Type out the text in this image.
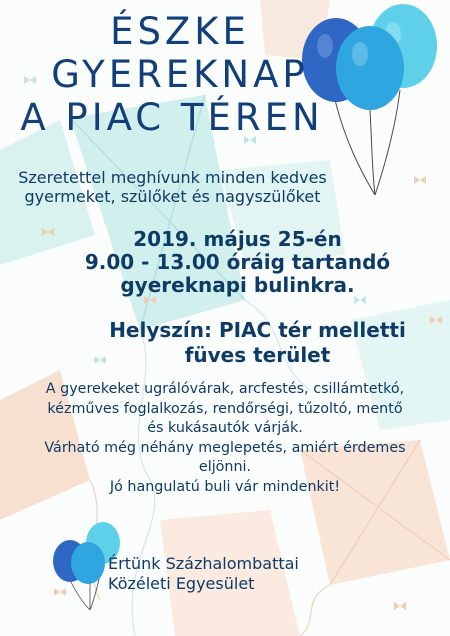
ÉSZKE
GYEREKNAP
A PIAC TÉREN
Szeretettel meghívunk minden kedves
gyermeket, szülőket és nagyszülőket
2019. május 25-én
9.00 - 13.00 óráig tartandó
gyereknapi bulinkra.
Helyszín: PIAC tér melletti
füves terület
A gyerekeket ugrálóvárak, arcfestés, csillámtetkó,
kézműves foglalkozás, rendőrségi, tűzoltó, mentő
és kukásautók várják.
Várható még néhány meglepetés, amiért érdemes
eljönni.
Jó hangulatú buli vár mindenkit!
Értünk Százhalombattai
Közéleti Egyesület
